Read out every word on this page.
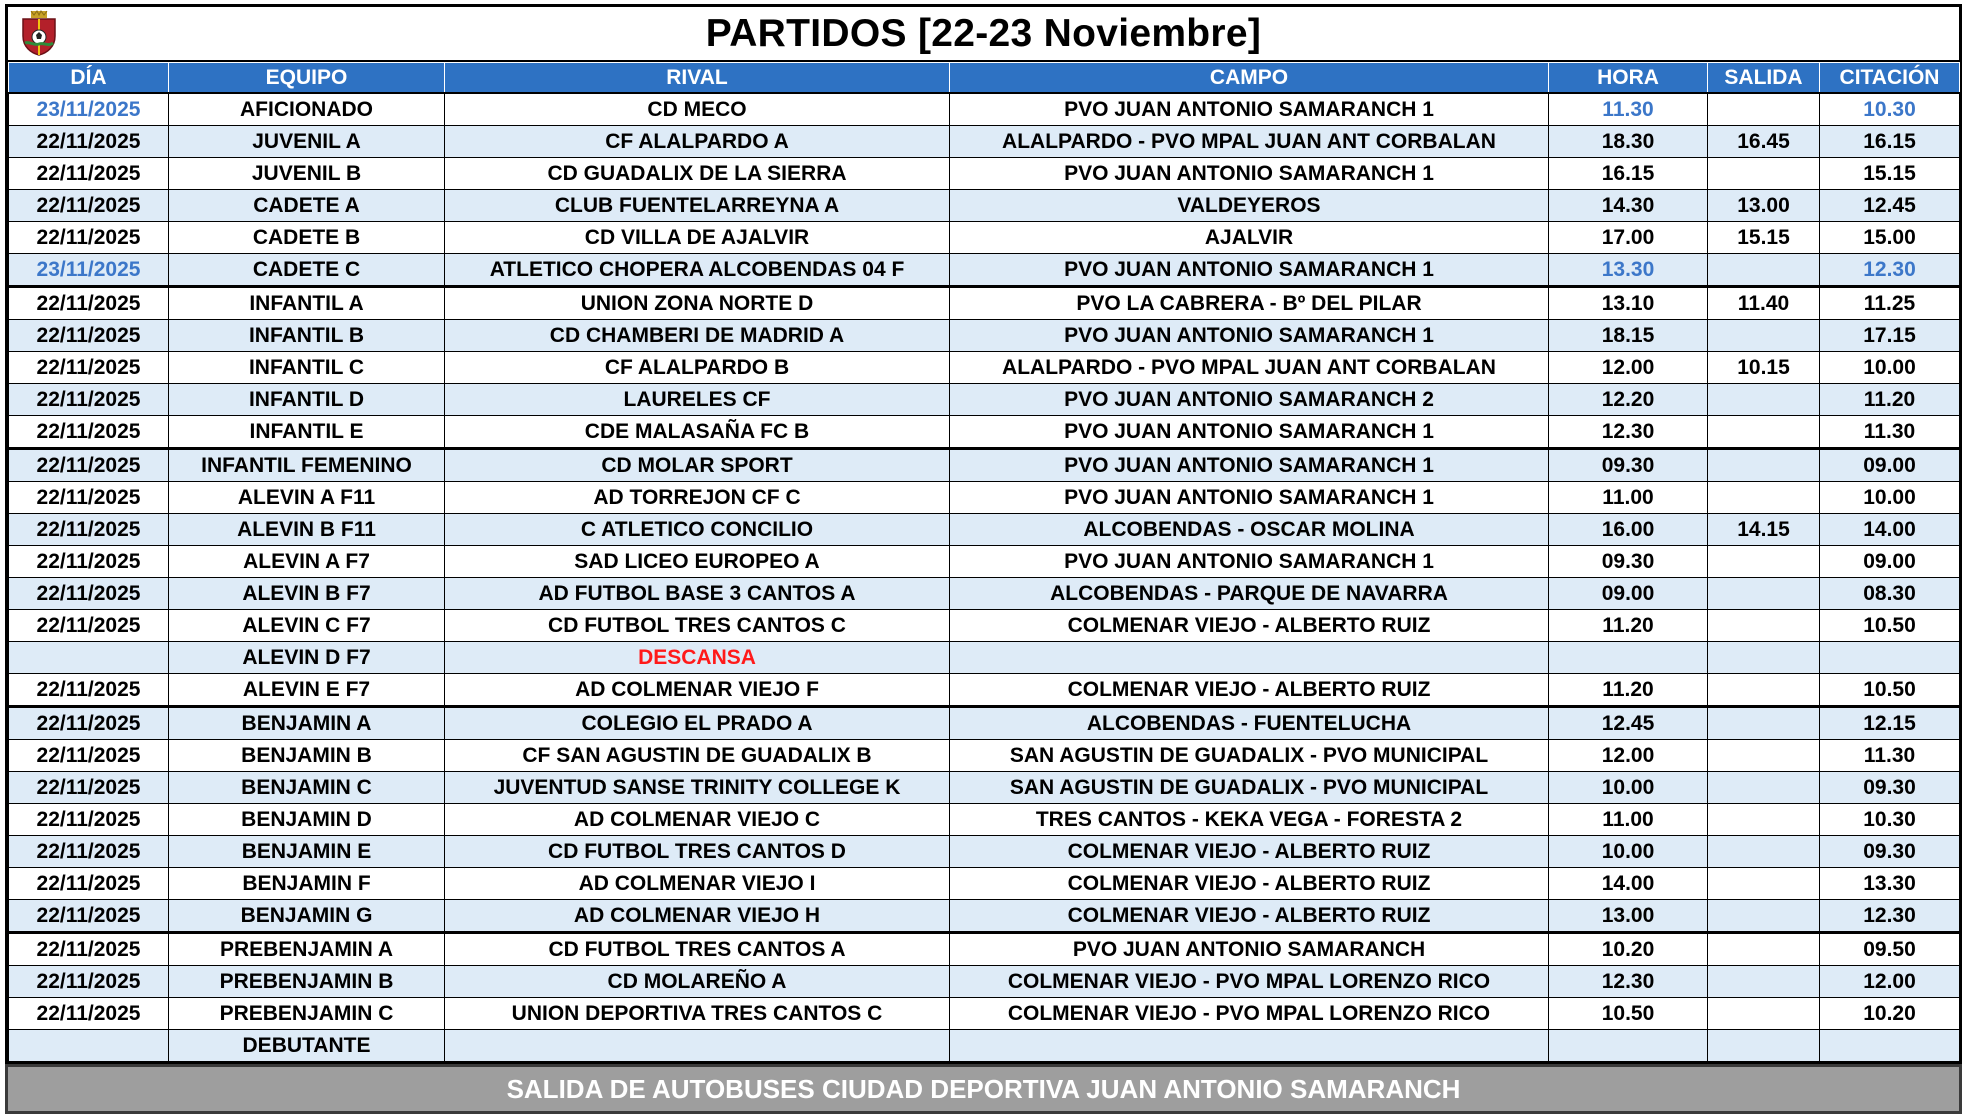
PARTIDOS [22-23 Noviembre]
DÍA	EQUIPO	RIVAL	CAMPO	HORA	SALIDA	CITACIÓN
23/11/2025	AFICIONADO	CD MECO	PVO JUAN ANTONIO SAMARANCH 1	11.30		10.30
22/11/2025	JUVENIL A	CF ALALPARDO A	ALALPARDO - PVO MPAL JUAN ANT CORBALAN	18.30	16.45	16.15
22/11/2025	JUVENIL B	CD GUADALIX DE LA SIERRA	PVO JUAN ANTONIO SAMARANCH 1	16.15		15.15
22/11/2025	CADETE A	CLUB FUENTELARREYNA A	VALDEYEROS	14.30	13.00	12.45
22/11/2025	CADETE B	CD VILLA DE AJALVIR	AJALVIR	17.00	15.15	15.00
23/11/2025	CADETE C	ATLETICO CHOPERA ALCOBENDAS 04 F	PVO JUAN ANTONIO SAMARANCH 1	13.30		12.30
22/11/2025	INFANTIL A	UNION ZONA NORTE D	PVO LA CABRERA - Bº DEL PILAR	13.10	11.40	11.25
22/11/2025	INFANTIL B	CD CHAMBERI DE MADRID A	PVO JUAN ANTONIO SAMARANCH 1	18.15		17.15
22/11/2025	INFANTIL C	CF ALALPARDO B	ALALPARDO - PVO MPAL JUAN ANT CORBALAN	12.00	10.15	10.00
22/11/2025	INFANTIL D	LAURELES CF	PVO JUAN ANTONIO SAMARANCH 2	12.20		11.20
22/11/2025	INFANTIL E	CDE MALASAÑA FC B	PVO JUAN ANTONIO SAMARANCH 1	12.30		11.30
22/11/2025	INFANTIL FEMENINO	CD MOLAR SPORT	PVO JUAN ANTONIO SAMARANCH 1	09.30		09.00
22/11/2025	ALEVIN A F11	AD TORREJON CF C	PVO JUAN ANTONIO SAMARANCH 1	11.00		10.00
22/11/2025	ALEVIN B F11	C ATLETICO CONCILIO	ALCOBENDAS - OSCAR MOLINA	16.00	14.15	14.00
22/11/2025	ALEVIN A F7	SAD LICEO EUROPEO A	PVO JUAN ANTONIO SAMARANCH 1	09.30		09.00
22/11/2025	ALEVIN B F7	AD FUTBOL BASE 3 CANTOS A	ALCOBENDAS - PARQUE DE NAVARRA	09.00		08.30
22/11/2025	ALEVIN C F7	CD FUTBOL TRES CANTOS C	COLMENAR VIEJO - ALBERTO RUIZ	11.20		10.50
	ALEVIN D F7	DESCANSA				
22/11/2025	ALEVIN E F7	AD COLMENAR VIEJO F	COLMENAR VIEJO - ALBERTO RUIZ	11.20		10.50
22/11/2025	BENJAMIN A	COLEGIO EL PRADO A	ALCOBENDAS - FUENTELUCHA	12.45		12.15
22/11/2025	BENJAMIN B	CF SAN AGUSTIN DE GUADALIX B	SAN AGUSTIN DE GUADALIX - PVO MUNICIPAL	12.00		11.30
22/11/2025	BENJAMIN C	JUVENTUD SANSE TRINITY COLLEGE K	SAN AGUSTIN DE GUADALIX - PVO MUNICIPAL	10.00		09.30
22/11/2025	BENJAMIN D	AD COLMENAR VIEJO C	TRES CANTOS - KEKA VEGA - FORESTA 2	11.00		10.30
22/11/2025	BENJAMIN E	CD FUTBOL TRES CANTOS D	COLMENAR VIEJO - ALBERTO RUIZ	10.00		09.30
22/11/2025	BENJAMIN F	AD COLMENAR VIEJO I	COLMENAR VIEJO - ALBERTO RUIZ	14.00		13.30
22/11/2025	BENJAMIN G	AD COLMENAR VIEJO H	COLMENAR VIEJO - ALBERTO RUIZ	13.00		12.30
22/11/2025	PREBENJAMIN A	CD FUTBOL TRES CANTOS A	PVO JUAN ANTONIO SAMARANCH	10.20		09.50
22/11/2025	PREBENJAMIN B	CD MOLAREÑO A	COLMENAR VIEJO - PVO MPAL LORENZO RICO	12.30		12.00
22/11/2025	PREBENJAMIN C	UNION DEPORTIVA TRES CANTOS C	COLMENAR VIEJO - PVO MPAL LORENZO RICO	10.50		10.20
	DEBUTANTE					
SALIDA DE AUTOBUSES CIUDAD DEPORTIVA JUAN ANTONIO SAMARANCH
